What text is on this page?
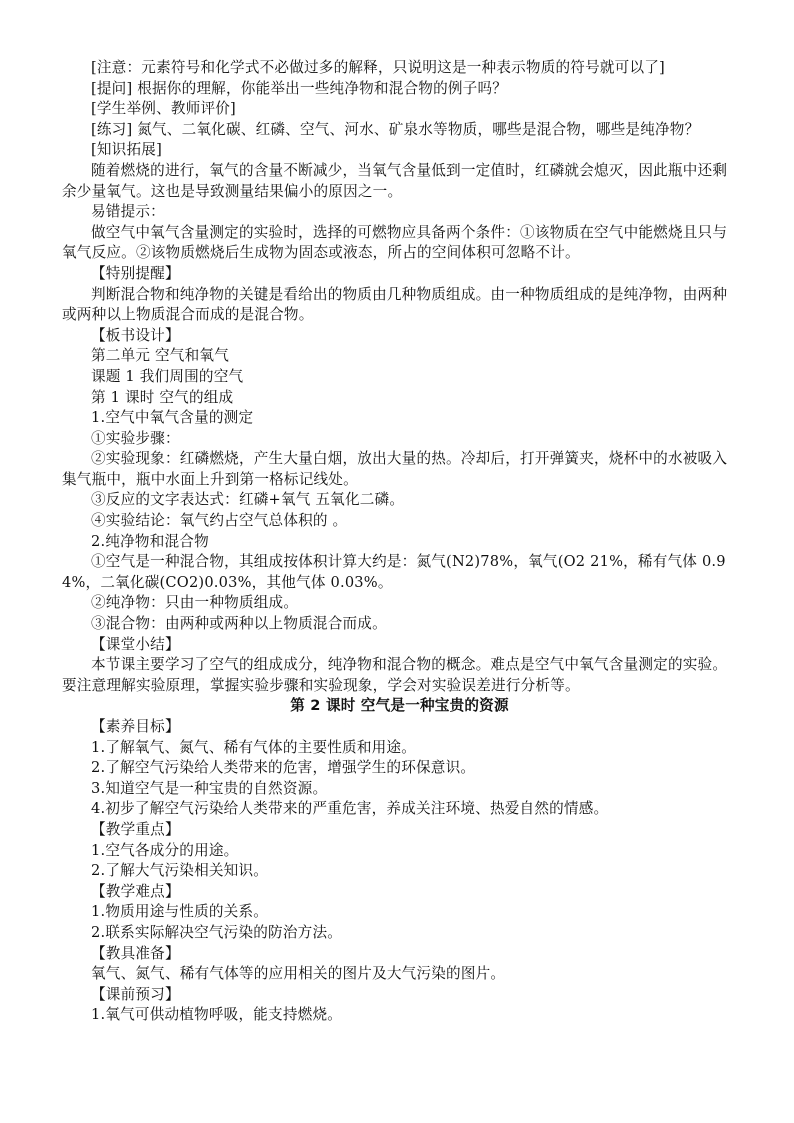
[注意：元素符号和化学式不必做过多的解释，只说明这是一种表示物质的符号就可以了]

[提问] 根据你的理解，你能举出一些纯净物和混合物的例子吗？

[学生举例、教师评价]

[练习] 氮气、二氧化碳、红磷、空气、河水、矿泉水等物质，哪些是混合物，哪些是纯净物？

[知识拓展]

随着燃烧的进行，氧气的含量不断减少，当氧气含量低到一定值时，红磷就会熄灭，因此瓶中还剩余少量氧气。这也是导致测量结果偏小的原因之一。

易错提示：

做空气中氧气含量测定的实验时，选择的可燃物应具备两个条件：①该物质在空气中能燃烧且只与氧气反应。②该物质燃烧后生成物为固态或液态，所占的空间体积可忽略不计。

【特别提醒】

判断混合物和纯净物的关键是看给出的物质由几种物质组成。由一种物质组成的是纯净物，由两种或两种以上物质混合而成的是混合物。

【板书设计】

第二单元 空气和氧气

课题 1 我们周围的空气

第 1 课时 空气的组成

1.空气中氧气含量的测定

①实验步骤：

②实验现象：红磷燃烧，产生大量白烟，放出大量的热。冷却后，打开弹簧夹，烧杯中的水被吸入集气瓶中，瓶中水面上升到第一格标记线处。

③反应的文字表达式：红磷+氧气 五氧化二磷。

④实验结论：氧气约占空气总体积的 。

2.纯净物和混合物

①空气是一种混合物，其组成按体积计算大约是：氮气(N2)78%，氧气(O2 21%，稀有气体 0.94%，二氧化碳(CO2)0.03%，其他气体 0.03%。

②纯净物：只由一种物质组成。

③混合物：由两种或两种以上物质混合而成。

【课堂小结】

本节课主要学习了空气的组成成分，纯净物和混合物的概念。难点是空气中氧气含量测定的实验。要注意理解实验原理，掌握实验步骤和实验现象，学会对实验误差进行分析等。

第 2 课时 空气是一种宝贵的资源

【素养目标】

1.了解氧气、氮气、稀有气体的主要性质和用途。

2.了解空气污染给人类带来的危害，增强学生的环保意识。

3.知道空气是一种宝贵的自然资源。

4.初步了解空气污染给人类带来的严重危害，养成关注环境、热爱自然的情感。

【教学重点】

1.空气各成分的用途。

2.了解大气污染相关知识。

【教学难点】

1.物质用途与性质的关系。

2.联系实际解决空气污染的防治方法。

【教具准备】

氧气、氮气、稀有气体等的应用相关的图片及大气污染的图片。

【课前预习】

1.氧气可供动植物呼吸，能支持燃烧。
